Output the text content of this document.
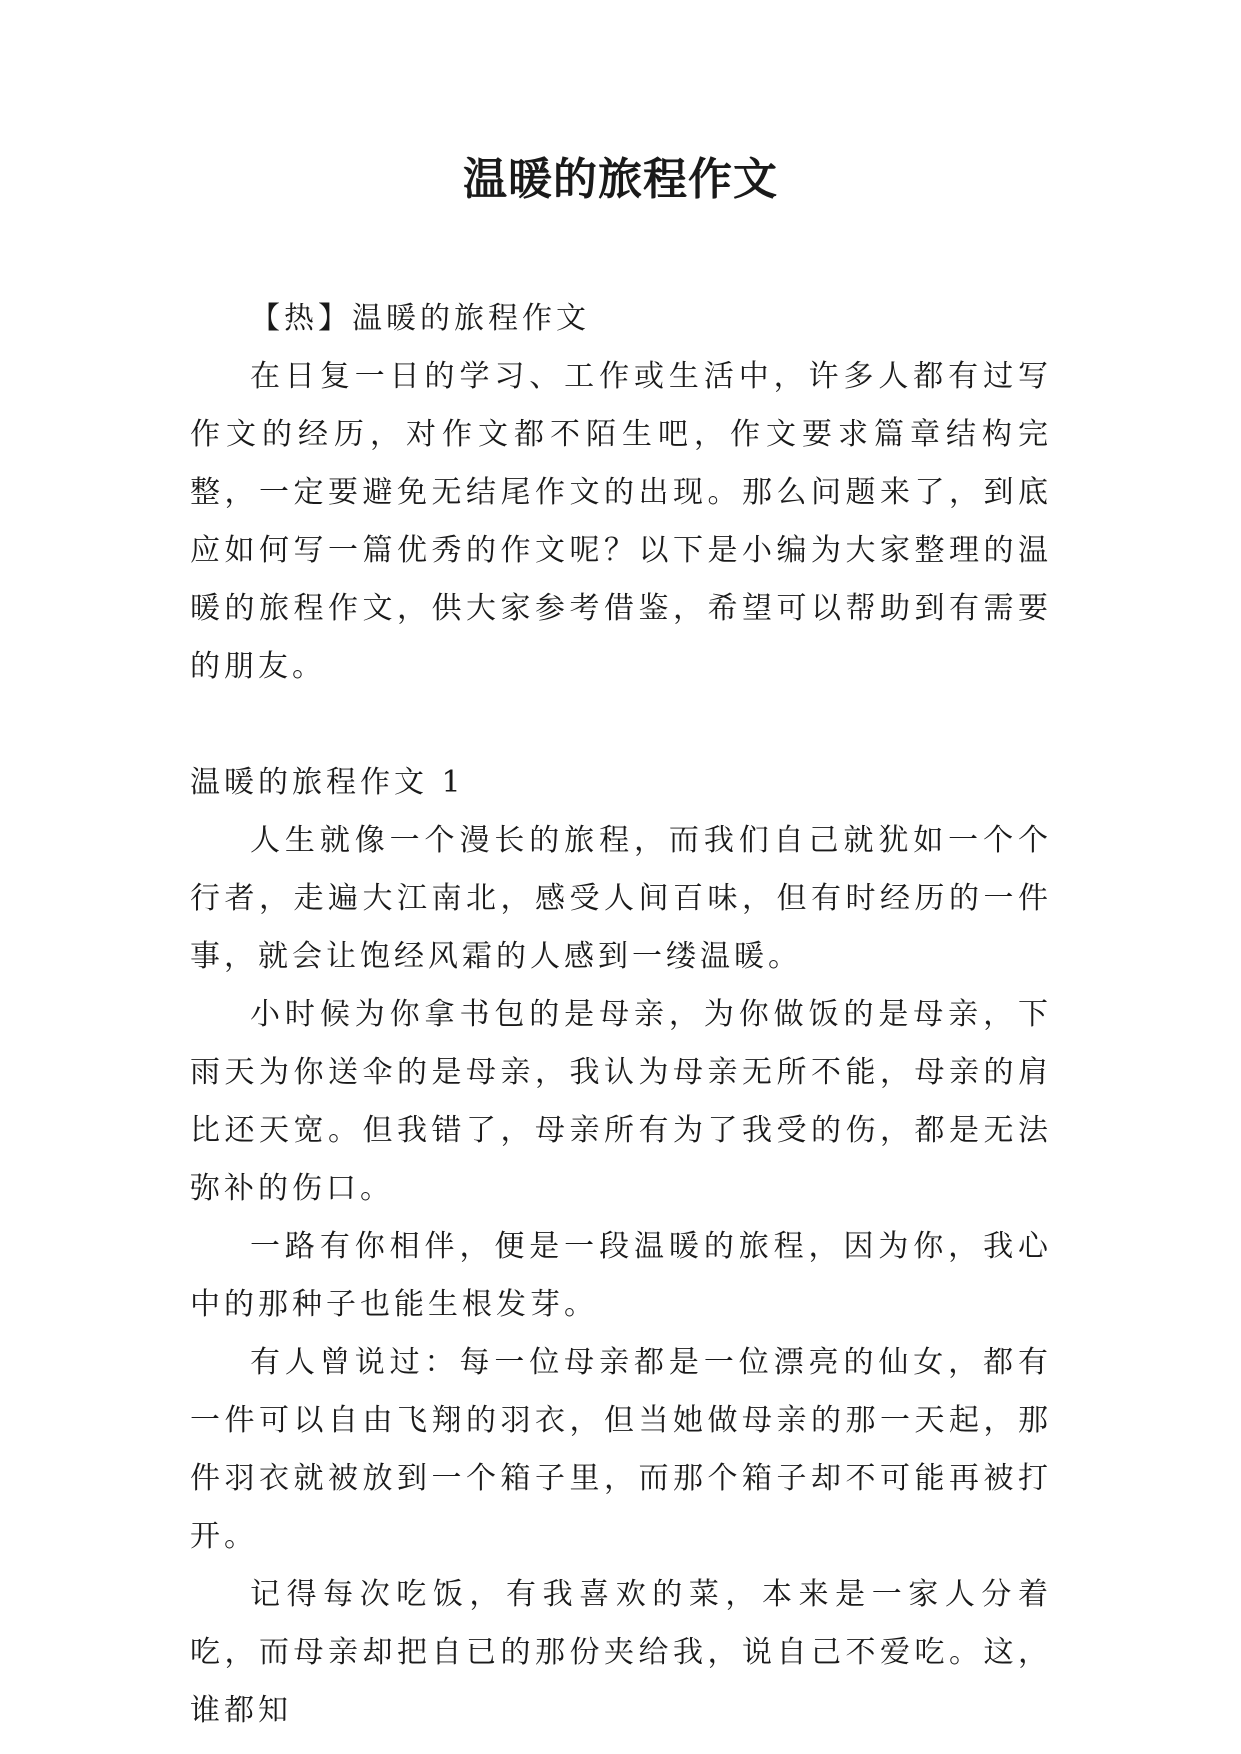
温暖的旅程作文

【热】温暖的旅程作文

在日复一日的学习、工作或生活中，许多人都有过写作文的经历，对作文都不陌生吧，作文要求篇章结构完整，一定要避免无结尾作文的出现。那么问题来了，到底应如何写一篇优秀的作文呢？以下是小编为大家整理的温暖的旅程作文，供大家参考借鉴，希望可以帮助到有需要的朋友。

温暖的旅程作文 1

人生就像一个漫长的旅程，而我们自己就犹如一个个行者，走遍大江南北，感受人间百味，但有时经历的一件事，就会让饱经风霜的人感到一缕温暖。

小时候为你拿书包的是母亲，为你做饭的是母亲，下雨天为你送伞的是母亲，我认为母亲无所不能，母亲的肩比还天宽。但我错了，母亲所有为了我受的伤，都是无法弥补的伤口。

一路有你相伴，便是一段温暖的旅程，因为你，我心中的那种子也能生根发芽。

有人曾说过：每一位母亲都是一位漂亮的仙女，都有一件可以自由飞翔的羽衣，但当她做母亲的那一天起，那件羽衣就被放到一个箱子里，而那个箱子却不可能再被打开。

记得每次吃饭，有我喜欢的菜，本来是一家人分着吃，而母亲却把自已的那份夹给我，说自己不爱吃。这，谁都知
